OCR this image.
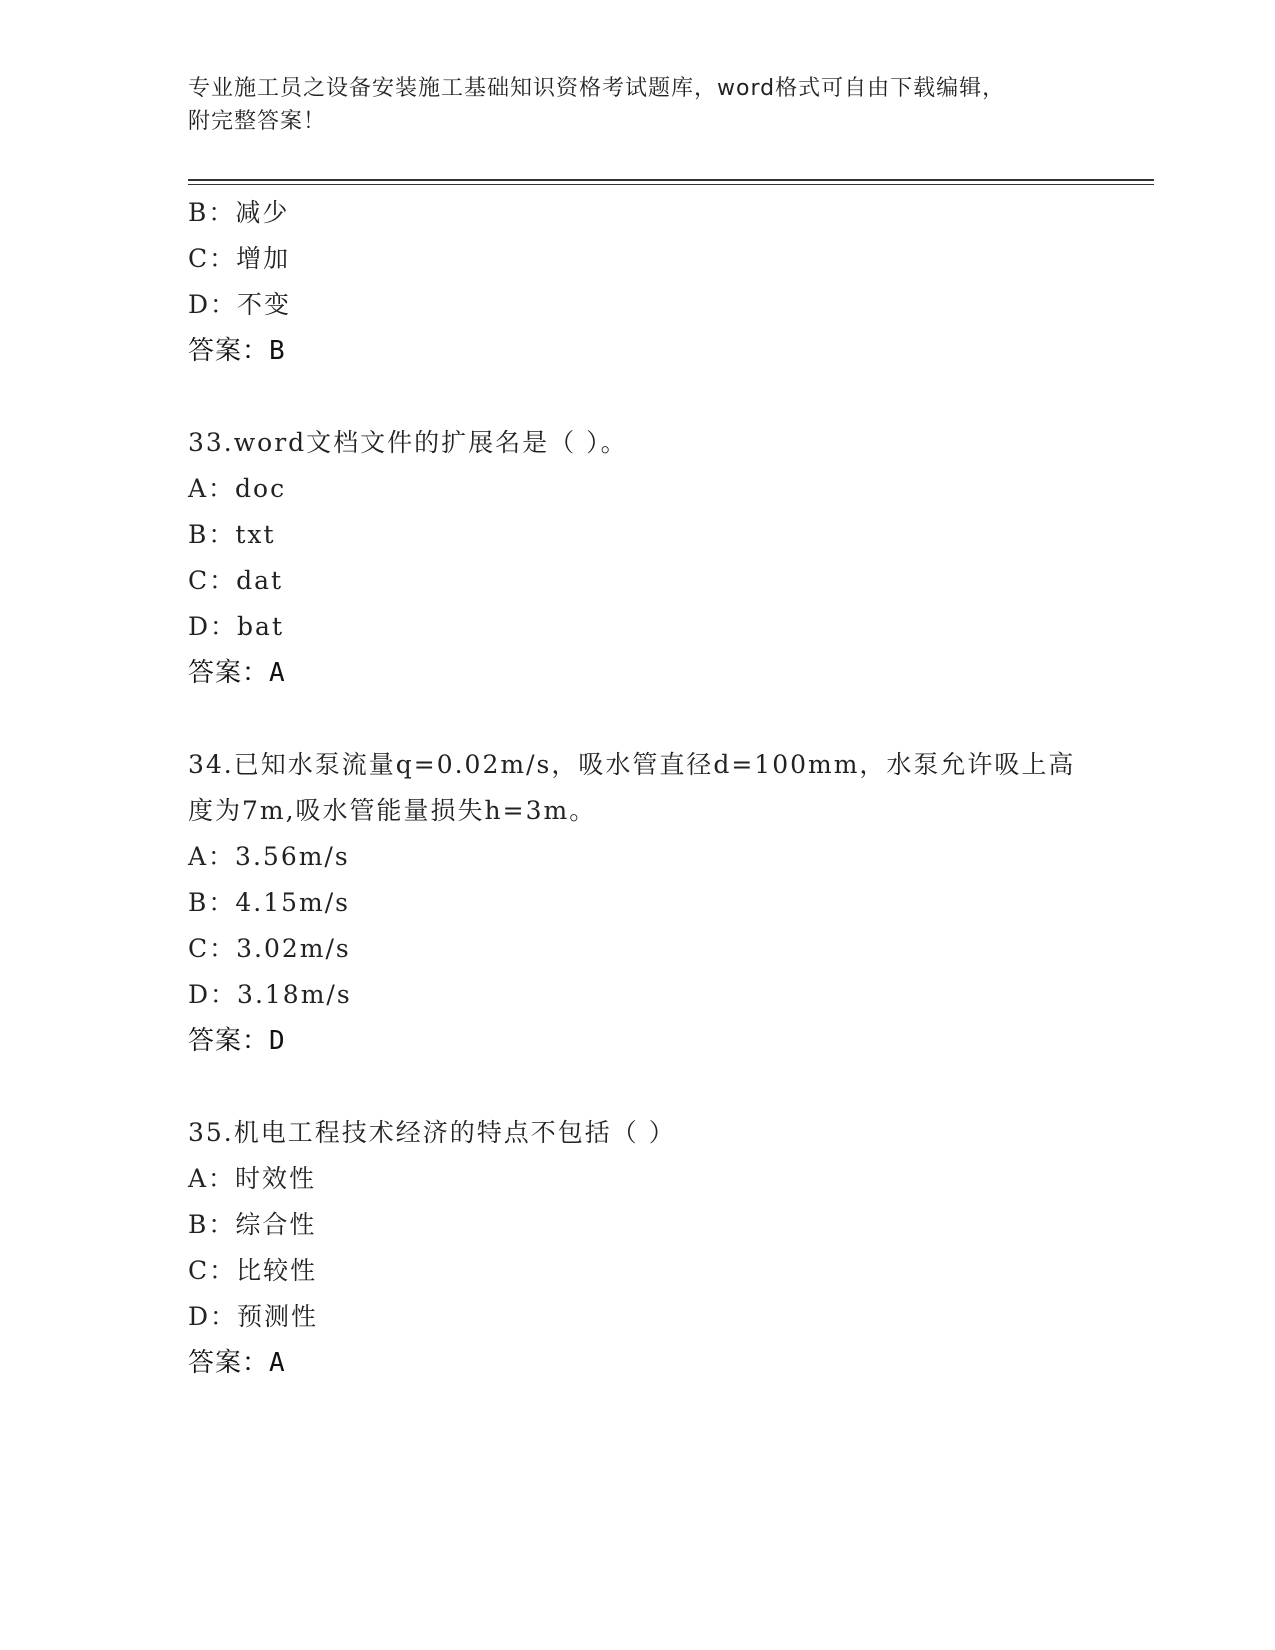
专业施工员之设备安装施工基础知识资格考试题库，word格式可自由下载编辑，
附完整答案！
B：减少
C：增加
D：不变
答案：B
33.word文档文件的扩展名是（ ）。
A：doc
B：txt
C：dat
D：bat
答案：A
34.已知水泵流量q=0.02m/s，吸水管直径d=100mm，水泵允许吸上高
度为7m,吸水管能量损失h=3m。
A：3.56m/s
B：4.15m/s
C：3.02m/s
D：3.18m/s
答案：D
35.机电工程技术经济的特点不包括（ ）
A：时效性
B：综合性
C：比较性
D：预测性
答案：A
